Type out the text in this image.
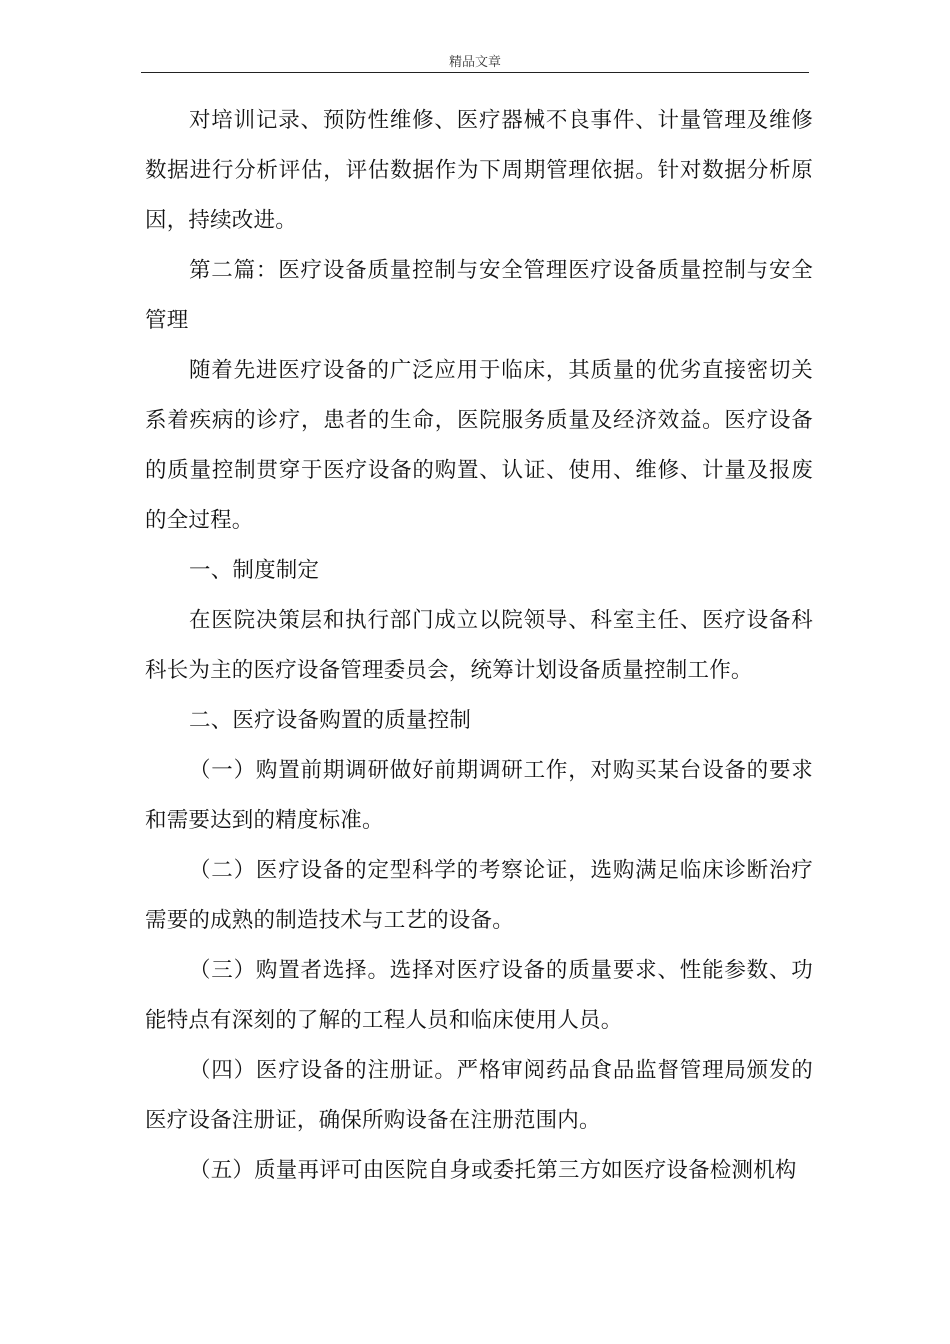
精品文章

对培训记录、预防性维修、医疗器械不良事件、计量管理及维修数据进行分析评估，评估数据作为下周期管理依据。针对数据分析原因，持续改进。

第二篇：医疗设备质量控制与安全管理医疗设备质量控制与安全管理

随着先进医疗设备的广泛应用于临床，其质量的优劣直接密切关系着疾病的诊疗，患者的生命，医院服务质量及经济效益。医疗设备的质量控制贯穿于医疗设备的购置、认证、使用、维修、计量及报废的全过程。

一、制度制定

在医院决策层和执行部门成立以院领导、科室主任、医疗设备科科长为主的医疗设备管理委员会，统筹计划设备质量控制工作。

二、医疗设备购置的质量控制

（一）购置前期调研做好前期调研工作，对购买某台设备的要求和需要达到的精度标准。

（二）医疗设备的定型科学的考察论证，选购满足临床诊断治疗需要的成熟的制造技术与工艺的设备。

（三）购置者选择。选择对医疗设备的质量要求、性能参数、功能特点有深刻的了解的工程人员和临床使用人员。

（四）医疗设备的注册证。严格审阅药品食品监督管理局颁发的医疗设备注册证，确保所购设备在注册范围内。

（五）质量再评可由医院自身或委托第三方如医疗设备检测机构
